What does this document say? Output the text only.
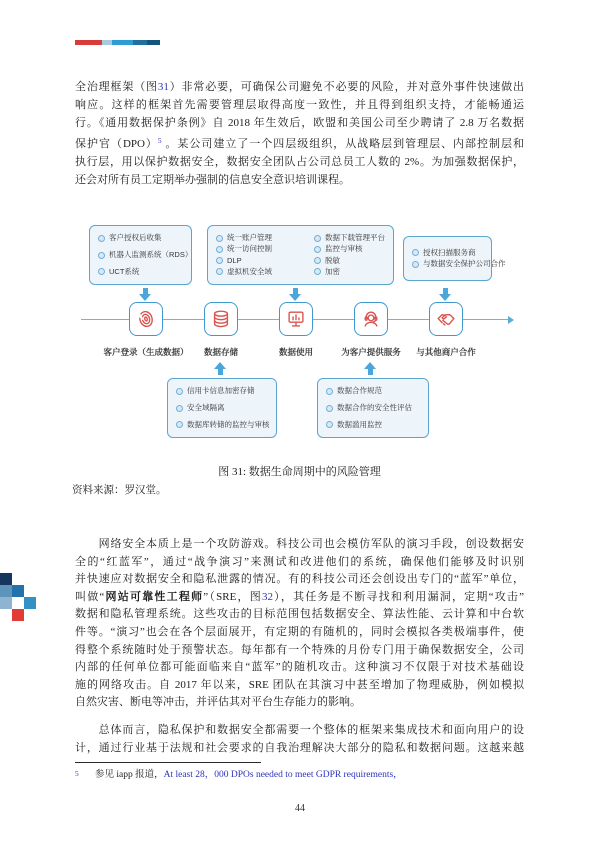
全治理框架（图31）非常必要，可确保公司避免不必要的风险，并对意外事件快速做出
响应。这样的框架首先需要管理层取得高度一致性，并且得到组织支持，才能畅通运
行。《通用数据保护条例》自 2018 年生效后，欧盟和美国公司至少聘请了 2.8 万名数据
保护官（DPO）$^5$ 。某公司建立了一个四层级组织，从战略层到管理层、内部控制层和
执行层，用以保护数据安全，数据安全团队占公司总员工人数的 2%。为加强数据保护，
还会对所有员工定期举办强制的信息安全意识培训课程。
客户授权后收集
机器人监测系统（RDS）
UCT系统
统一账户管理
统一访问控制
DLP
虚拟机安全域
数据下载管理平台
监控与审核
脱敏
加密
授权扫描服务商
与数据安全保护公司合作
客户登录（生成数据） 数据存储	数据使用	为客户提供服务 与其他商户合作
信用卡信息加密存储
安全域隔离
数据库转储的监控与审核
数据合作规范
数据合作的安全性评估
数据滥用监控
图 31: 数据生命周期中的风险管理
资料来源：罗汉堂。
　　网络安全本质上是一个攻防游戏。科技公司也会模仿军队的演习手段，创设数据安
全的“红蓝军”，通过“战争演习”来测试和改进他们的系统，确保他们能够及时识别
并快速应对数据安全和隐私泄露的情况。有的科技公司还会创设出专门的“蓝军”单位，
叫做“网站可靠性工程师”（SRE，图32），其任务是不断寻找和利用漏洞，定期“攻击”
数据和隐私管理系统。这些攻击的目标范围包括数据安全、算法性能、云计算和中台软
件等。“演习”也会在各个层面展开，有定期的有随机的，同时会模拟各类极端事件，使
得整个系统随时处于预警状态。每年都有一个特殊的月份专门用于确保数据安全，公司
内部的任何单位都可能面临来自“蓝军”的随机攻击。这种演习不仅限于对技术基础设
施的网络攻击。自 2017 年以来，SRE 团队在其演习中甚至增加了物理威胁，例如模拟
自然灾害、断电等冲击，并评估其对平台生存能力的影响。
　　总体而言，隐私保护和数据安全都需要一个整体的框架来集成技术和面向用户的设
计，通过行业基于法规和社会要求的自我治理解决大部分的隐私和数据问题。这越来越
5	参见 iapp 报道，At least 28，000 DPOs needed to meet GDPR requirements，
44
